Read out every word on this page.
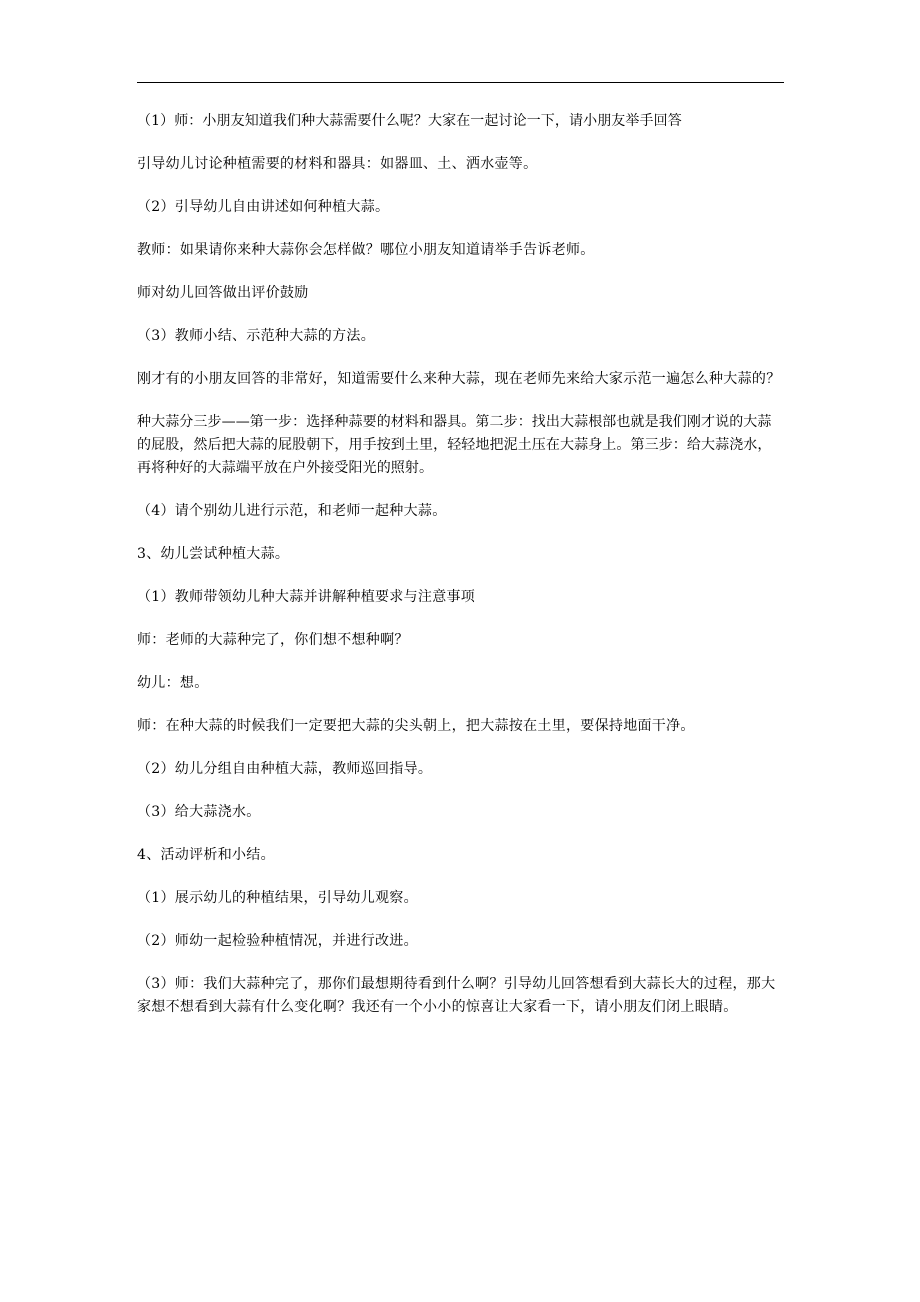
（1）师：小朋友知道我们种大蒜需要什么呢？大家在一起讨论一下，请小朋友举手回答

引导幼儿讨论种植需要的材料和器具：如器皿、土、洒水壶等。

（2）引导幼儿自由讲述如何种植大蒜。

教师：如果请你来种大蒜你会怎样做？哪位小朋友知道请举手告诉老师。

师对幼儿回答做出评价鼓励

（3）教师小结、示范种大蒜的方法。

刚才有的小朋友回答的非常好，知道需要什么来种大蒜，现在老师先来给大家示范一遍怎么种大蒜的？

种大蒜分三步——第一步：选择种蒜要的材料和器具。第二步：找出大蒜根部也就是我们刚才说的大蒜的屁股，然后把大蒜的屁股朝下，用手按到土里，轻轻地把泥土压在大蒜身上。第三步：给大蒜浇水，再将种好的大蒜端平放在户外接受阳光的照射。

（4）请个别幼儿进行示范，和老师一起种大蒜。

3、幼儿尝试种植大蒜。

（1）教师带领幼儿种大蒜并讲解种植要求与注意事项

师：老师的大蒜种完了，你们想不想种啊？

幼儿：想。

师：在种大蒜的时候我们一定要把大蒜的尖头朝上，把大蒜按在土里，要保持地面干净。

（2）幼儿分组自由种植大蒜，教师巡回指导。

（3）给大蒜浇水。

4、活动评析和小结。

（1）展示幼儿的种植结果，引导幼儿观察。

（2）师幼一起检验种植情况，并进行改进。

（3）师：我们大蒜种完了，那你们最想期待看到什么啊？引导幼儿回答想看到大蒜长大的过程，那大家想不想看到大蒜有什么变化啊？我还有一个小小的惊喜让大家看一下，请小朋友们闭上眼睛。
